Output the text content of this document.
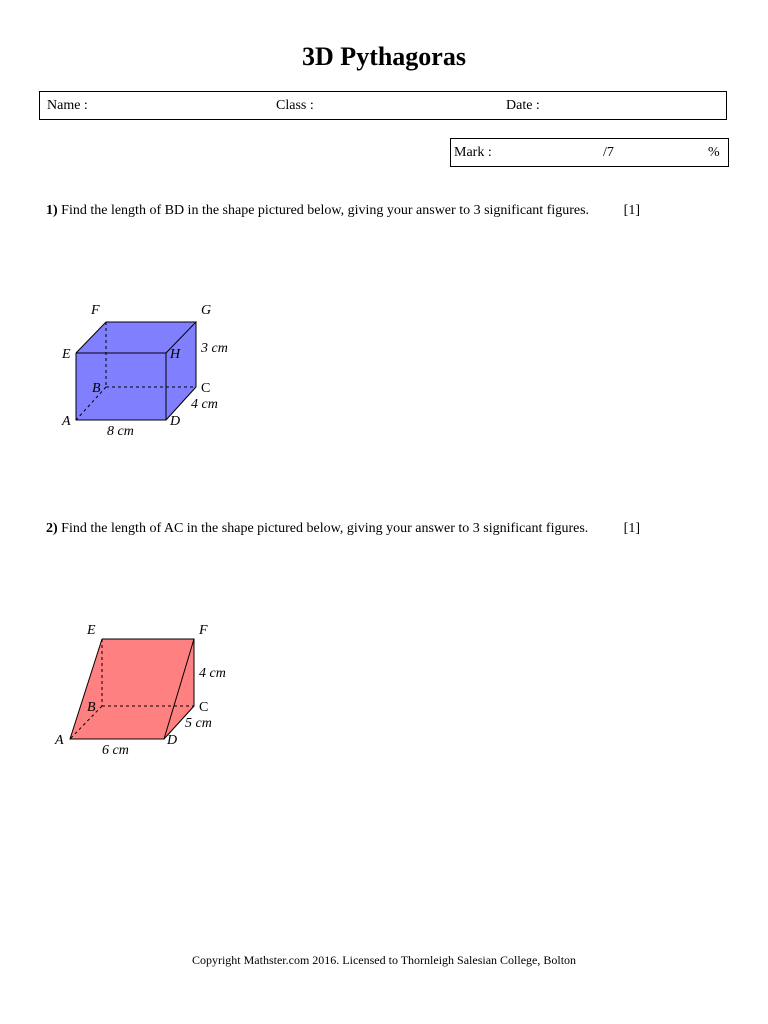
3D Pythagoras
Name :	Class :	Date :
Mark :	/7	%
1) Find the length of BD in the shape pictured below, giving your answer to 3 significant figures.	[1]
F	G
E	H 3 cm
B	C
4 cm
A	D
8 cm
2) Find the length of AC in the shape pictured below, giving your answer to 3 significant figures.	[1]
E	F
4 cm
B	C
5 cm
A	D
6 cm
Copyright Mathster.com 2016. Licensed to Thornleigh Salesian College, Bolton
